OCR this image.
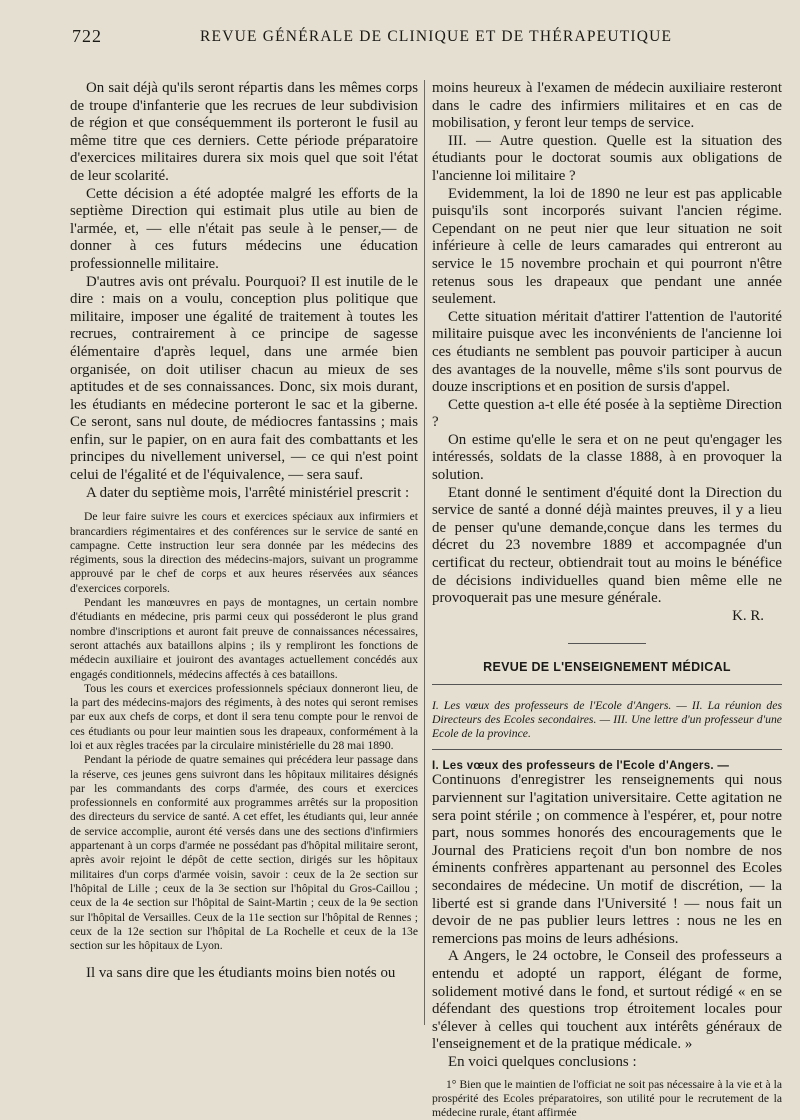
722	REVUE GÉNÉRALE DE CLINIQUE ET DE THÉRAPEUTIQUE

On sait déjà qu'ils seront répartis dans les mêmes corps de troupe d'infanterie que les recrues de leur subdivision de région et que conséquemment ils porteront le fusil au même titre que ces derniers. Cette période préparatoire d'exercices militaires durera six mois quel que soit l'état de leur scolarité.

Cette décision a été adoptée malgré les efforts de la septième Direction qui estimait plus utile au bien de l'armée, et, — elle n'était pas seule à le penser,— de donner à ces futurs médecins une éducation professionnelle militaire.

D'autres avis ont prévalu. Pourquoi? Il est inutile de le dire : mais on a voulu, conception plus politique que militaire, imposer une égalité de traitement à toutes les recrues, contrairement à ce principe de sagesse élémentaire d'après lequel, dans une armée bien organisée, on doit utiliser chacun au mieux de ses aptitudes et de ses connaissances. Donc, six mois durant, les étudiants en médecine porteront le sac et la giberne. Ce seront, sans nul doute, de médiocres fantassins ; mais enfin, sur le papier, on en aura fait des combattants et les principes du nivellement universel, — ce qui n'est point celui de l'égalité et de l'équivalence, — sera sauf.

A dater du septième mois, l'arrêté ministériel prescrit :

De leur faire suivre les cours et exercices spéciaux aux infirmiers et brancardiers régimentaires et des conférences sur le service de santé en campagne. Cette instruction leur sera donnée par les médecins des régiments, sous la direction des médecins-majors, suivant un programme approuvé par le chef de corps et aux heures réservées aux séances d'exercices corporels.

Pendant les manœuvres en pays de montagnes, un certain nombre d'étudiants en médecine, pris parmi ceux qui posséderont le plus grand nombre d'inscriptions et auront fait preuve de connaissances nécessaires, seront attachés aux bataillons alpins ; ils y rempliront les fonctions de médecin auxiliaire et jouiront des avantages actuellement concédés aux engagés conditionnels, médecins affectés à ces bataillons.

Tous les cours et exercices professionnels spéciaux donneront lieu, de la part des médecins-majors des régiments, à des notes qui seront remises par eux aux chefs de corps, et dont il sera tenu compte pour le renvoi de ces étudiants ou pour leur maintien sous les drapeaux, conformément à la loi et aux règles tracées par la circulaire ministérielle du 28 mai 1890.

Pendant la période de quatre semaines qui précédera leur passage dans la réserve, ces jeunes gens suivront dans les hôpitaux militaires désignés par les commandants des corps d'armée, des cours et exercices professionnels en conformité aux programmes arrêtés sur la proposition des directeurs du service de santé. A cet effet, les étudiants qui, leur année de service accomplie, auront été versés dans une des sections d'infirmiers appartenant à un corps d'armée ne possédant pas d'hôpital militaire seront, après avoir rejoint le dépôt de cette section, dirigés sur les hôpitaux militaires d'un corps d'armée voisin, savoir : ceux de la 2e section sur l'hôpital de Lille ; ceux de la 3e section sur l'hôpital du Gros-Caillou ; ceux de la 4e section sur l'hôpital de Saint-Martin ; ceux de la 9e section sur l'hôpital de Versailles. Ceux de la 11e section sur l'hôpital de Rennes ; ceux de la 12e section sur l'hôpital de La Rochelle et ceux de la 13e section sur les hôpitaux de Lyon.

Il va sans dire que les étudiants moins bien notés ou

moins heureux à l'examen de médecin auxiliaire resteront dans le cadre des infirmiers militaires et en cas de mobilisation, y feront leur temps de service.

III. — Autre question. Quelle est la situation des étudiants pour le doctorat soumis aux obligations de l'ancienne loi militaire ?

Evidemment, la loi de 1890 ne leur est pas applicable puisqu'ils sont incorporés suivant l'ancien régime. Cependant on ne peut nier que leur situation ne soit inférieure à celle de leurs camarades qui entreront au service le 15 novembre prochain et qui pourront n'être retenus sous les drapeaux que pendant une année seulement.

Cette situation méritait d'attirer l'attention de l'autorité militaire puisque avec les inconvénients de l'ancienne loi ces étudiants ne semblent pas pouvoir participer à aucun des avantages de la nouvelle, même s'ils sont pourvus de douze inscriptions et en position de sursis d'appel.

Cette question a-t elle été posée à la septième Direction ?

On estime qu'elle le sera et on ne peut qu'engager les intéressés, soldats de la classe 1888, à en provoquer la solution.

Etant donné le sentiment d'équité dont la Direction du service de santé a donné déjà maintes preuves, il y a lieu de penser qu'une demande,conçue dans les termes du décret du 23 novembre 1889 et accompagnée d'un certificat du recteur, obtiendrait tout au moins le bénéfice de décisions individuelles quand bien même elle ne provoquerait pas une mesure générale.

K. R.

REVUE DE L'ENSEIGNEMENT MÉDICAL

I. Les vœux des professeurs de l'Ecole d'Angers. — II. La réunion des Directeurs des Ecoles secondaires. — III. Une lettre d'un professeur d'une Ecole de la province.

I. Les vœux des professeurs de l'Ecole d'Angers. —

Continuons d'enregistrer les renseignements qui nous parviennent sur l'agitation universitaire. Cette agitation ne sera point stérile ; on commence à l'espérer, et, pour notre part, nous sommes honorés des encouragements que le Journal des Praticiens reçoit d'un bon nombre de nos éminents confrères appartenant au personnel des Ecoles secondaires de médecine. Un motif de discrétion, — la liberté est si grande dans l'Université ! — nous fait un devoir de ne pas publier leurs lettres : nous ne les en remercions pas moins de leurs adhésions.

A Angers, le 24 octobre, le Conseil des professeurs a entendu et adopté un rapport, élégant de forme, solidement motivé dans le fond, et surtout rédigé « en se défendant des questions trop étroitement locales pour s'élever à celles qui touchent aux intérêts généraux de l'enseignement et de la pratique médicale. »

En voici quelques conclusions :

1° Bien que le maintien de l'officiat ne soit pas nécessaire à la vie et à la prospérité des Ecoles préparatoires, son utilité pour le recrutement de la médecine rurale, étant affirmée
